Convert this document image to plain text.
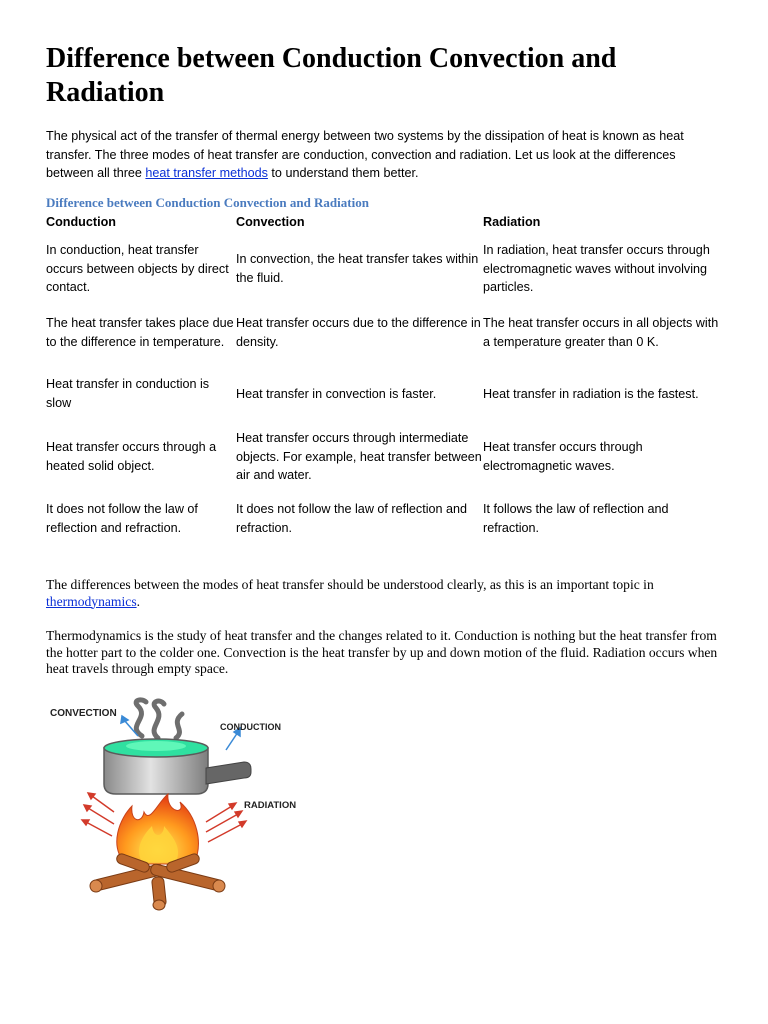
Difference between Conduction Convection and Radiation

The physical act of the transfer of thermal energy between two systems by the dissipation of heat is known as heat transfer. The three modes of heat transfer are conduction, convection and radiation. Let us look at the differences between all three heat transfer methods to understand them better.

Difference between Conduction Convection and Radiation
Conduction	Convection	Radiation
In conduction, heat transfer occurs between objects by direct contact.	In convection, the heat transfer takes within the fluid.	In radiation, heat transfer occurs through electromagnetic waves without involving particles.
The heat transfer takes place due to the difference in temperature.	Heat transfer occurs due to the difference in density.	The heat transfer occurs in all objects with a temperature greater than 0 K.
Heat transfer in conduction is slow	Heat transfer in convection is faster.	Heat transfer in radiation is the fastest.
Heat transfer occurs through a heated solid object.	Heat transfer occurs through intermediate objects. For example, heat transfer between air and water.	Heat transfer occurs through electromagnetic waves.
It does not follow the law of reflection and refraction.	It does not follow the law of reflection and refraction.	It follows the law of reflection and refraction.

The differences between the modes of heat transfer should be understood clearly, as this is an important topic in thermodynamics.

Thermodynamics is the study of heat transfer and the changes related to it. Conduction is nothing but the heat transfer from the hotter part to the colder one. Convection is the heat transfer by up and down motion of the fluid. Radiation occurs when heat travels through empty space.

CONVECTION
CONDUCTION
RADIATION
